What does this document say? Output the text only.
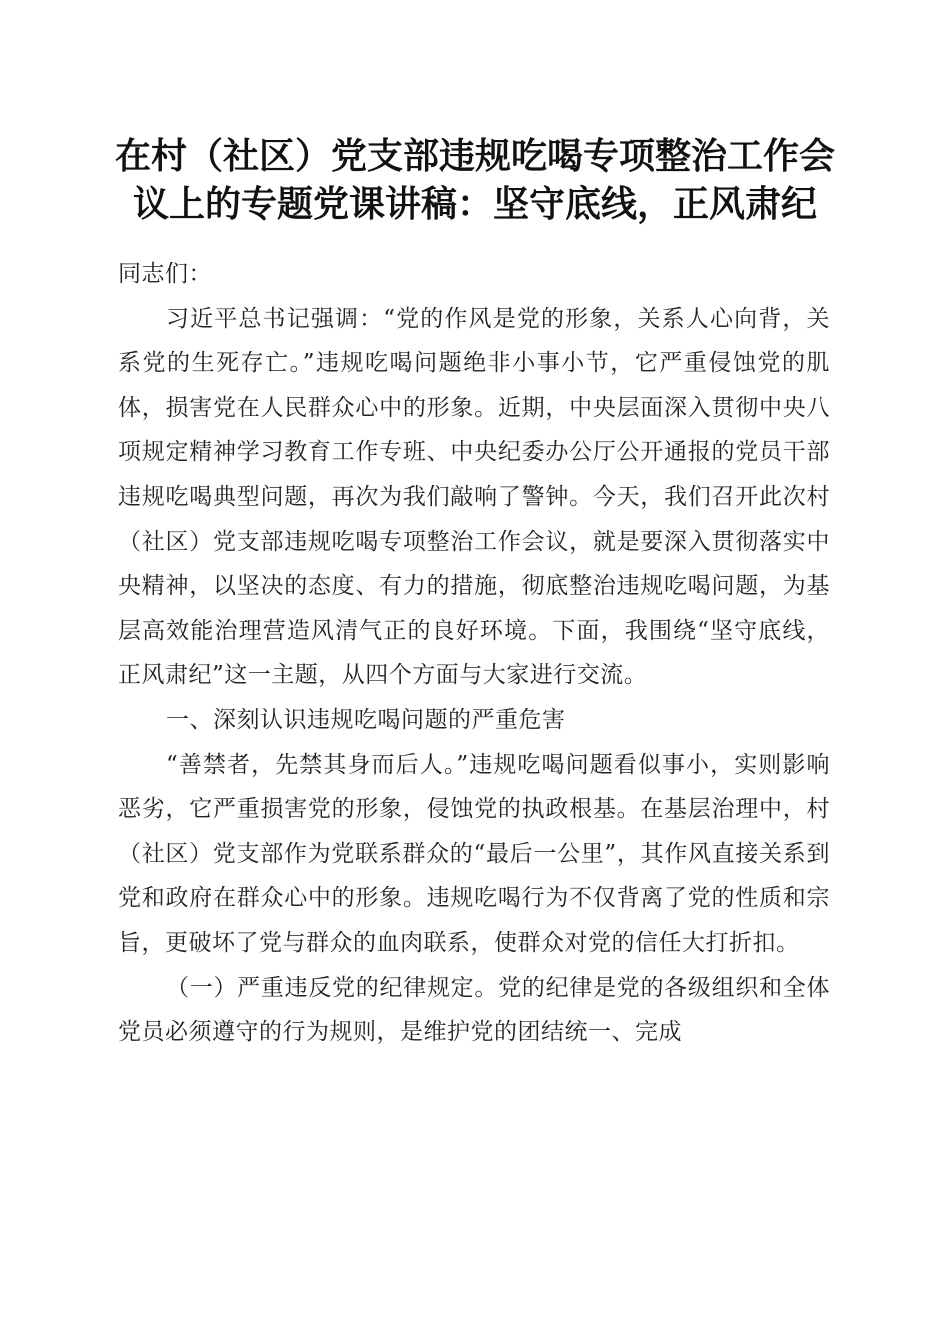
在村（社区）党支部违规吃喝专项整治工作会
议上的专题党课讲稿：坚守底线，正风肃纪

同志们：

习近平总书记强调：“党的作风是党的形象，关系人心向背，关系党的生死存亡。”违规吃喝问题绝非小事小节，它严重侵蚀党的肌体，损害党在人民群众心中的形象。近期，中央层面深入贯彻中央八项规定精神学习教育工作专班、中央纪委办公厅公开通报的党员干部违规吃喝典型问题，再次为我们敲响了警钟。今天，我们召开此次村（社区）党支部违规吃喝专项整治工作会议，就是要深入贯彻落实中央精神，以坚决的态度、有力的措施，彻底整治违规吃喝问题，为基层高效能治理营造风清气正的良好环境。下面，我围绕“坚守底线，正风肃纪”这一主题，从四个方面与大家进行交流。

一、深刻认识违规吃喝问题的严重危害

“善禁者，先禁其身而后人。”违规吃喝问题看似事小，实则影响恶劣，它严重损害党的形象，侵蚀党的执政根基。在基层治理中，村（社区）党支部作为党联系群众的“最后一公里”，其作风直接关系到党和政府在群众心中的形象。违规吃喝行为不仅背离了党的性质和宗旨，更破坏了党与群众的血肉联系，使群众对党的信任大打折扣。

（一）严重违反党的纪律规定。党的纪律是党的各级组织和全体党员必须遵守的行为规则，是维护党的团结统一、完成
